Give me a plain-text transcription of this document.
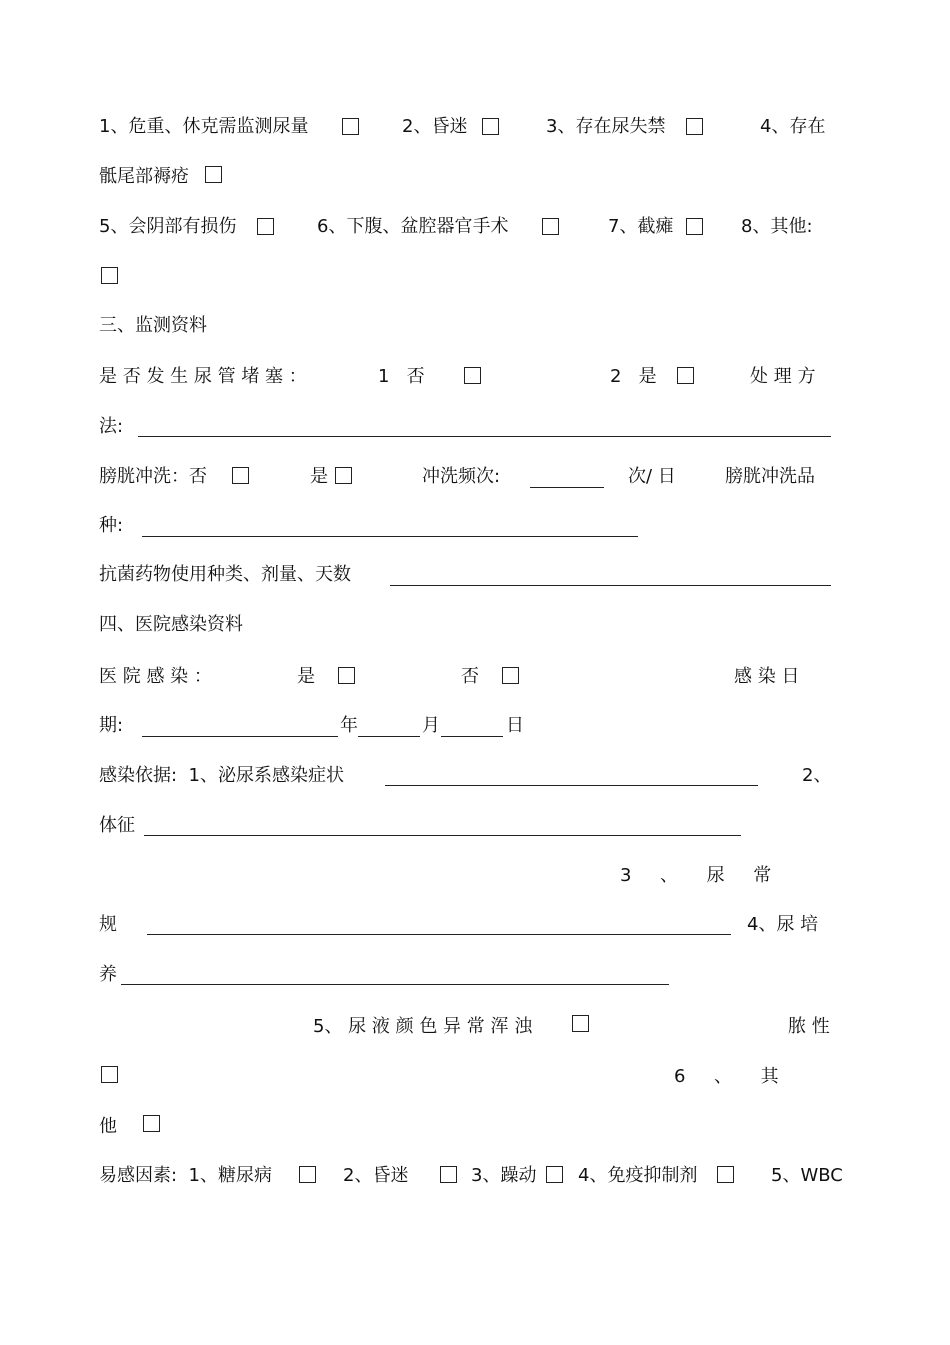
1、危重、休克需监测尿量	2、昏迷	3、存在尿失禁	4、存在
骶尾部褥疮
5、会阴部有损伤	6、下腹、盆腔器官手术	7、截瘫	8、其他:
三、监测资料
是 否 发 生 尿 管 堵 塞 ：	1   否	2   是	处 理 方
法:
膀胱冲洗：否	是	冲洗频次:	次/ 日	膀胱冲洗品
种:
抗菌药物使用种类、剂量、天数
四、医院感染资料
医 院 感 染 ：	是	否	感 染 日
期:	年	月	日
感染依据:  1、泌尿系感染症状	2、
体征
3     、     尿     常
规	4、尿 培
养
5、 尿 液 颜 色 异 常 浑 浊	脓 性
6     、     其
他
易感因素:  1、糖尿病	2、昏迷	3、躁动 4、免疫抑制剂	5、WBC
